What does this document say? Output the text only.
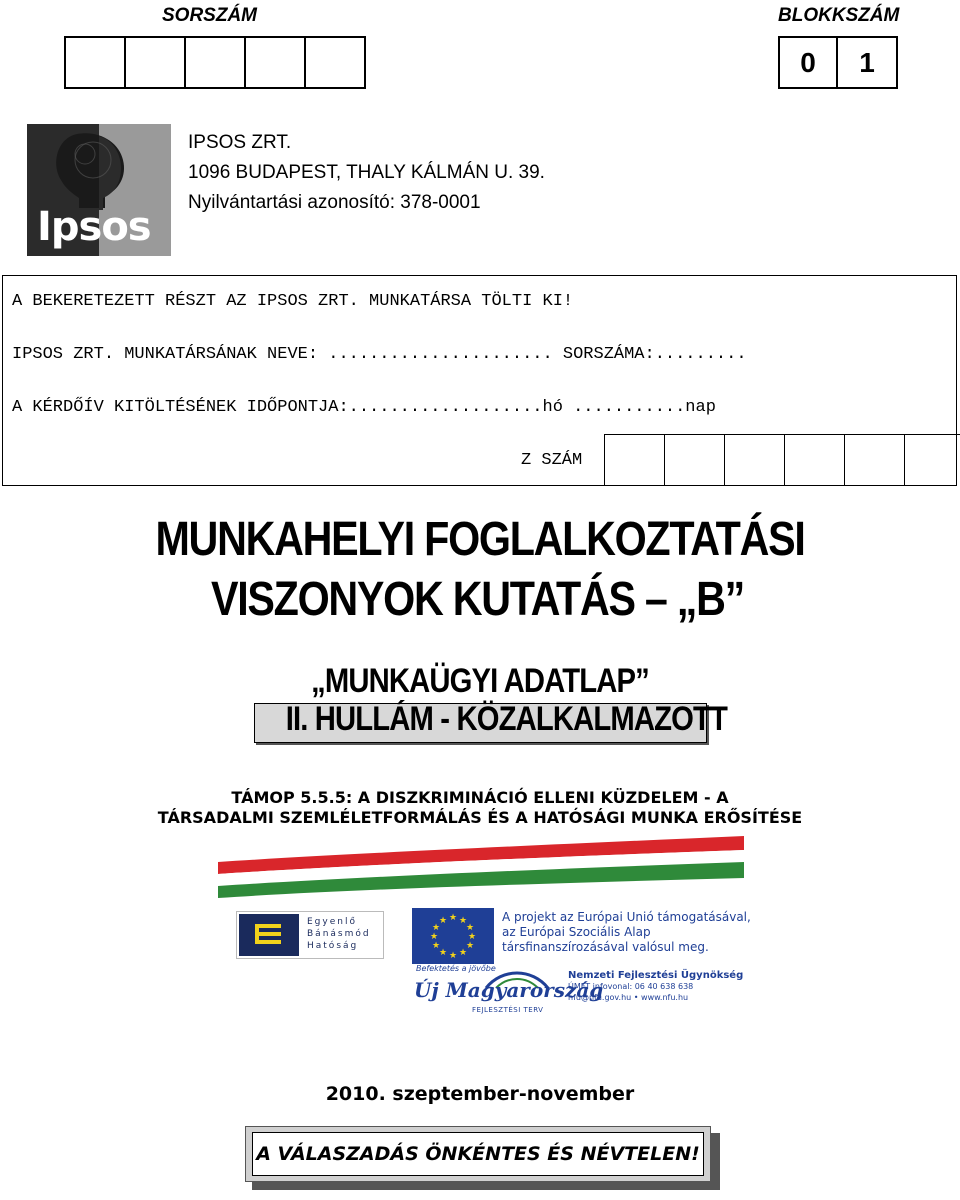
SORSZÁM	BLOKKSZÁM
0	1
Ipsos
IPSOS ZRT.
1096 BUDAPEST, THALY KÁLMÁN U. 39.
Nyilvántartási azonosító: 378-0001
A BEKERETEZETT RÉSZT AZ IPSOS ZRT. MUNKATÁRSA TÖLTI KI!
IPSOS ZRT. MUNKATÁRSÁNAK NEVE: ...................... SORSZÁMA:.........
A KÉRDŐÍV KITÖLTÉSÉNEK IDŐPONTJA:...................hó ...........nap
Z SZÁM
MUNKAHELYI FOGLALKOZTATÁSI
VISZONYOK KUTATÁS – „B”
„MUNKAÜGYI ADATLAP”
II. HULLÁM - KÖZALKALMAZOTT
TÁMOP 5.5.5: A DISZKRIMINÁCIÓ ELLENI KÜZDELEM - A
TÁRSADALMI SZEMLÉLETFORMÁLÁS ÉS A HATÓSÁGI MUNKA ERŐSÍTÉSE
Egyenlő
Bánásmód
Hatóság
★ ★
★
★
★
★
★
★
★
★
★
★	A projekt az Európai Unió támogatásával,
az Európai Szociális Alap
társfinanszírozásával valósul meg.
Befektetés a jövőbe
Új Magyarország
FEJLESZTÉSI TERV
Nemzeti Fejlesztési Ügynökség
ÚMFT infovonal: 06 40 638 638
nfu@nfu.gov.hu • www.nfu.hu
2010. szeptember-november
A VÁLASZADÁS ÖNKÉNTES ÉS NÉVTELEN!
